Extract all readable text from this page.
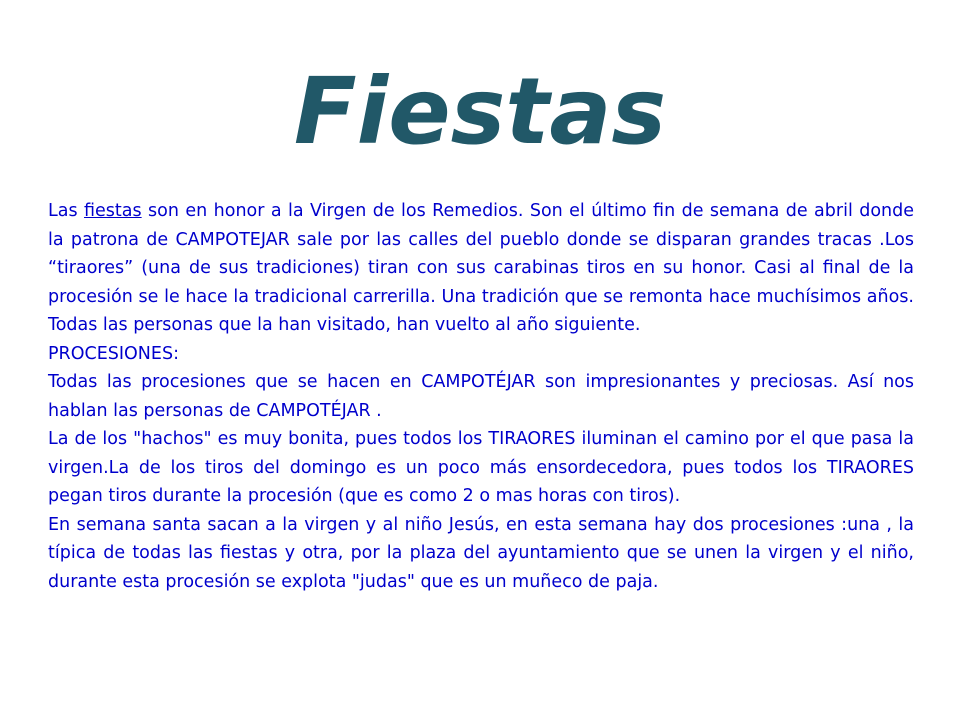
Fiestas

Las fiestas son en honor a la Virgen de los Remedios. Son el último fin de semana de abril donde la patrona de CAMPOTEJAR sale por las calles del pueblo donde se disparan grandes tracas .Los “tiraores” (una de sus tradiciones) tiran con sus carabinas tiros en su honor. Casi al final de la procesión se le hace la tradicional carrerilla. Una tradición que se remonta hace muchísimos años. Todas las personas que la han visitado, han vuelto al año siguiente.

PROCESIONES:

Todas las procesiones que se hacen en CAMPOTÉJAR son impresionantes y preciosas. Así nos hablan las personas de CAMPOTÉJAR .

La de los "hachos" es muy bonita, pues todos los TIRAORES iluminan el camino por el que pasa la virgen.La de los tiros del domingo es un poco más ensordecedora, pues todos los TIRAORES pegan tiros durante la procesión (que es como 2 o mas horas con tiros).

En semana santa sacan a la virgen y al niño Jesús, en esta semana hay dos procesiones :una , la típica de todas las fiestas y otra, por la plaza del ayuntamiento que se unen la virgen y el niño, durante esta procesión se explota "judas" que es un muñeco de paja.
